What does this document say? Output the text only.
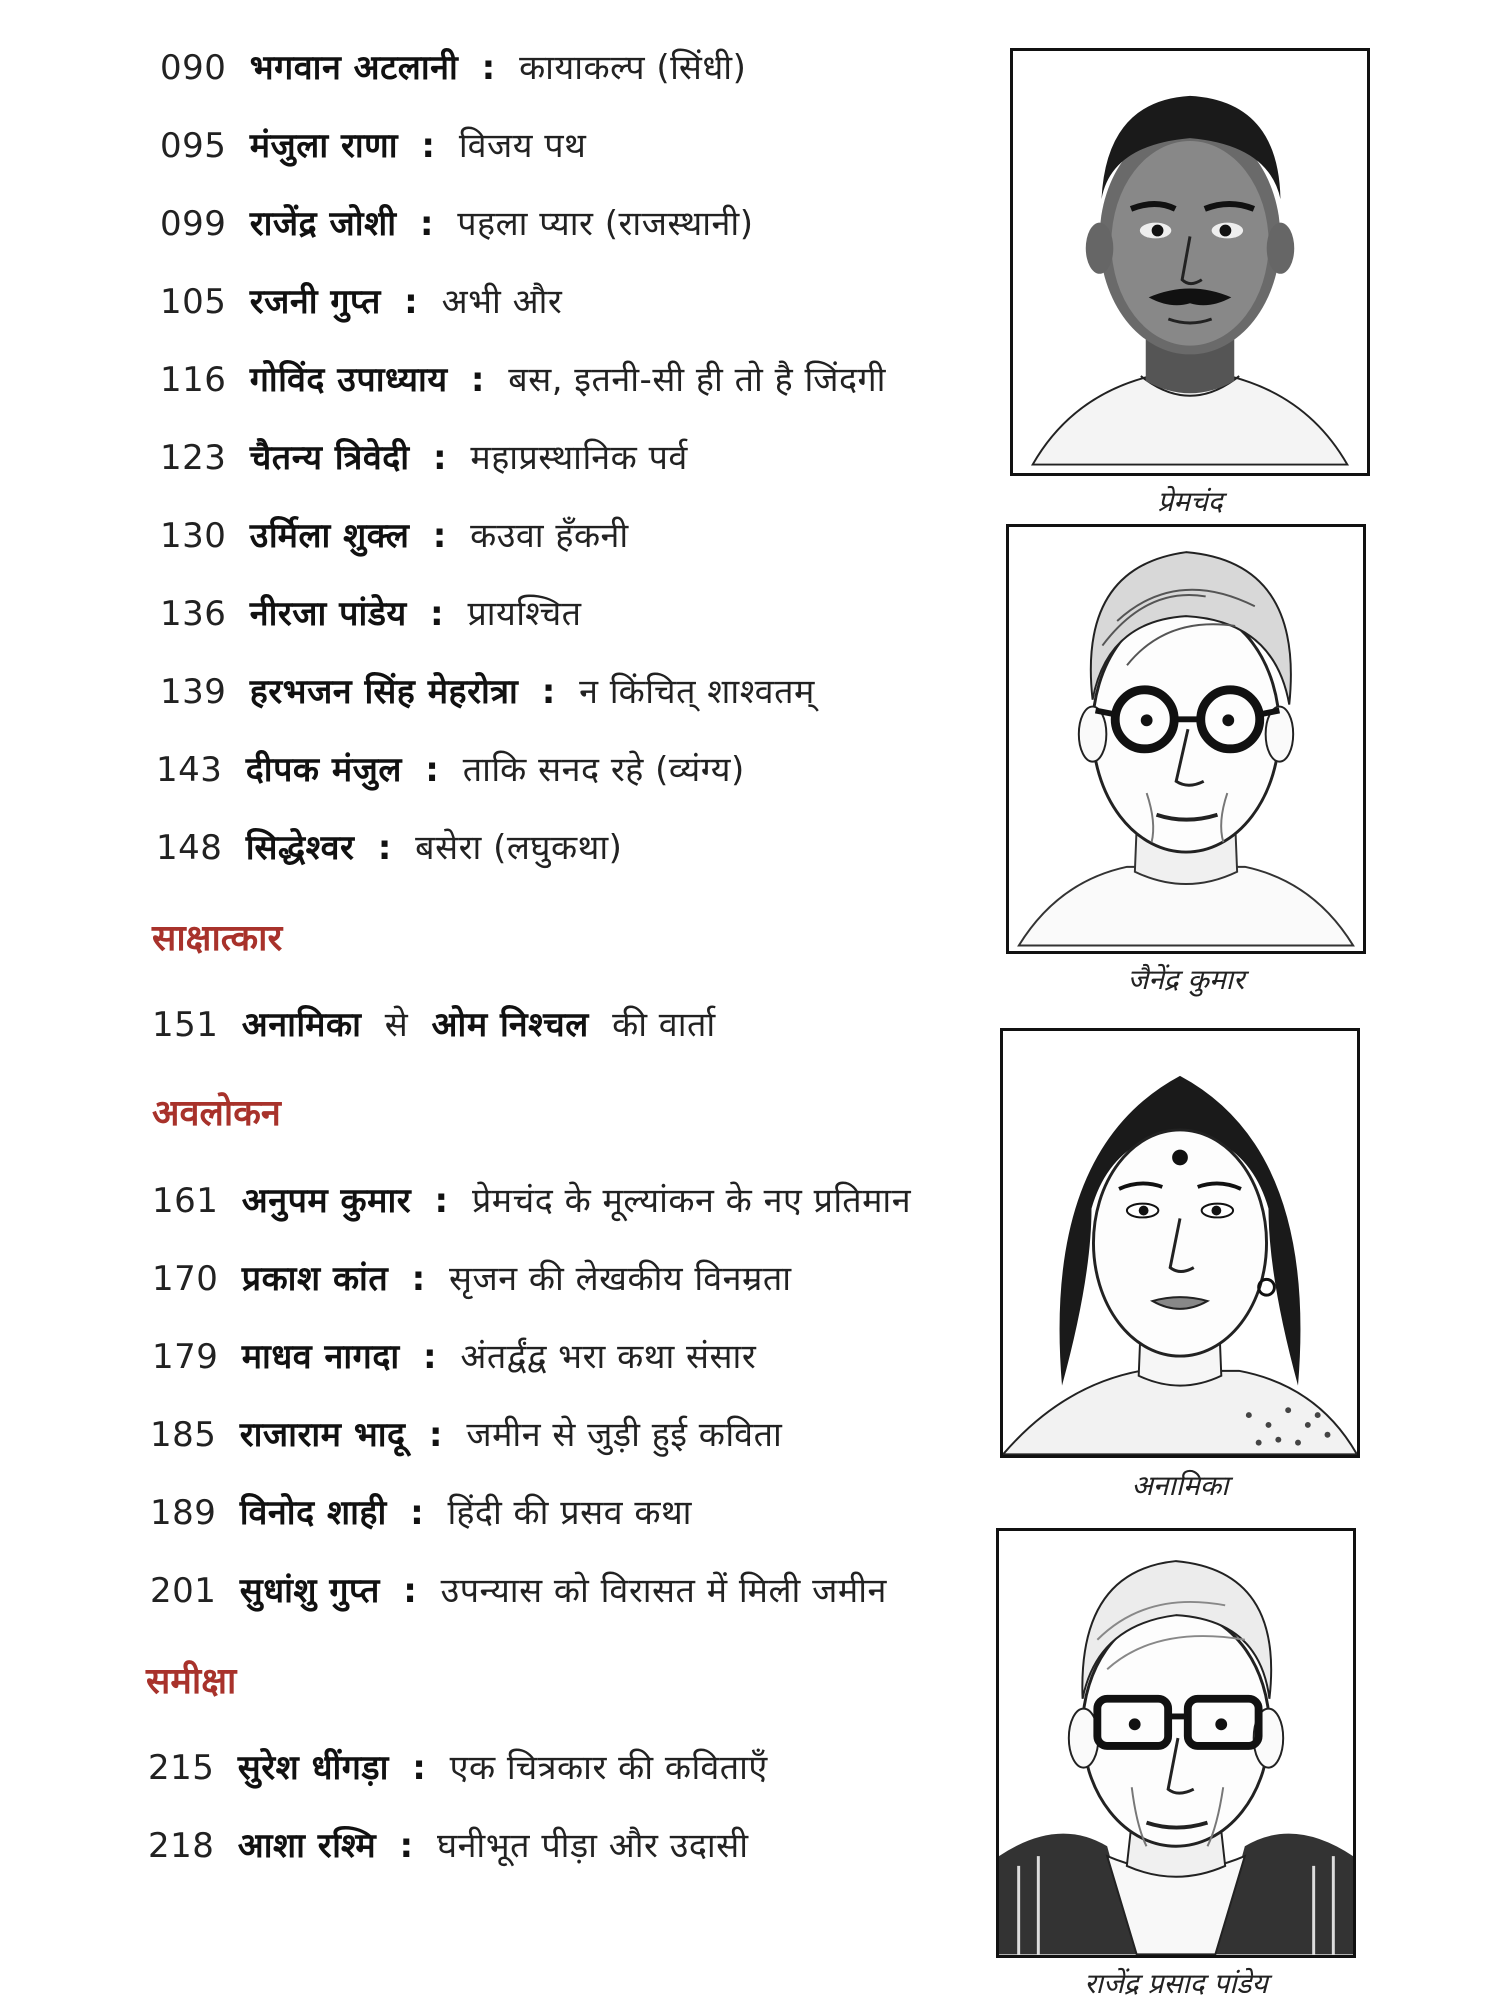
090 भगवान अटलानी : कायाकल्प (सिंधी)
095 मंजुला राणा : विजय पथ
099 राजेंद्र जोशी : पहला प्यार (राजस्थानी)
105 रजनी गुप्त : अभी और
116 गोविंद उपाध्याय : बस, इतनी-सी ही तो है जिंदगी
123 चैतन्य त्रिवेदी : महाप्रस्थानिक पर्व
130 उर्मिला शुक्ल : कउवा हँकनी
136 नीरजा पांडेय : प्रायश्चित
139 हरभजन सिंह मेहरोत्रा : न किंचित् शाश्वतम्
143 दीपक मंजुल : ताकि सनद रहे (व्यंग्य)
148 सिद्धेश्वर : बसेरा (लघुकथा)
साक्षात्कार
151 अनामिका से ओम निश्चल की वार्ता
अवलोकन
161 अनुपम कुमार : प्रेमचंद के मूल्यांकन के नए प्रतिमान
170 प्रकाश कांत : सृजन की लेखकीय विनम्रता
179 माधव नागदा : अंतर्द्वंद्व भरा कथा संसार
185 राजाराम भादू : जमीन से जुड़ी हुई कविता
189 विनोद शाही : हिंदी की प्रसव कथा
201 सुधांशु गुप्त : उपन्यास को विरासत में मिली जमीन
समीक्षा
215 सुरेश धींगड़ा : एक चित्रकार की कविताएँ
218 आशा रश्मि : घनीभूत पीड़ा और उदासी
प्रेमचंद
जैनेंद्र कुमार
अनामिका
राजेंद्र प्रसाद पांडेय
